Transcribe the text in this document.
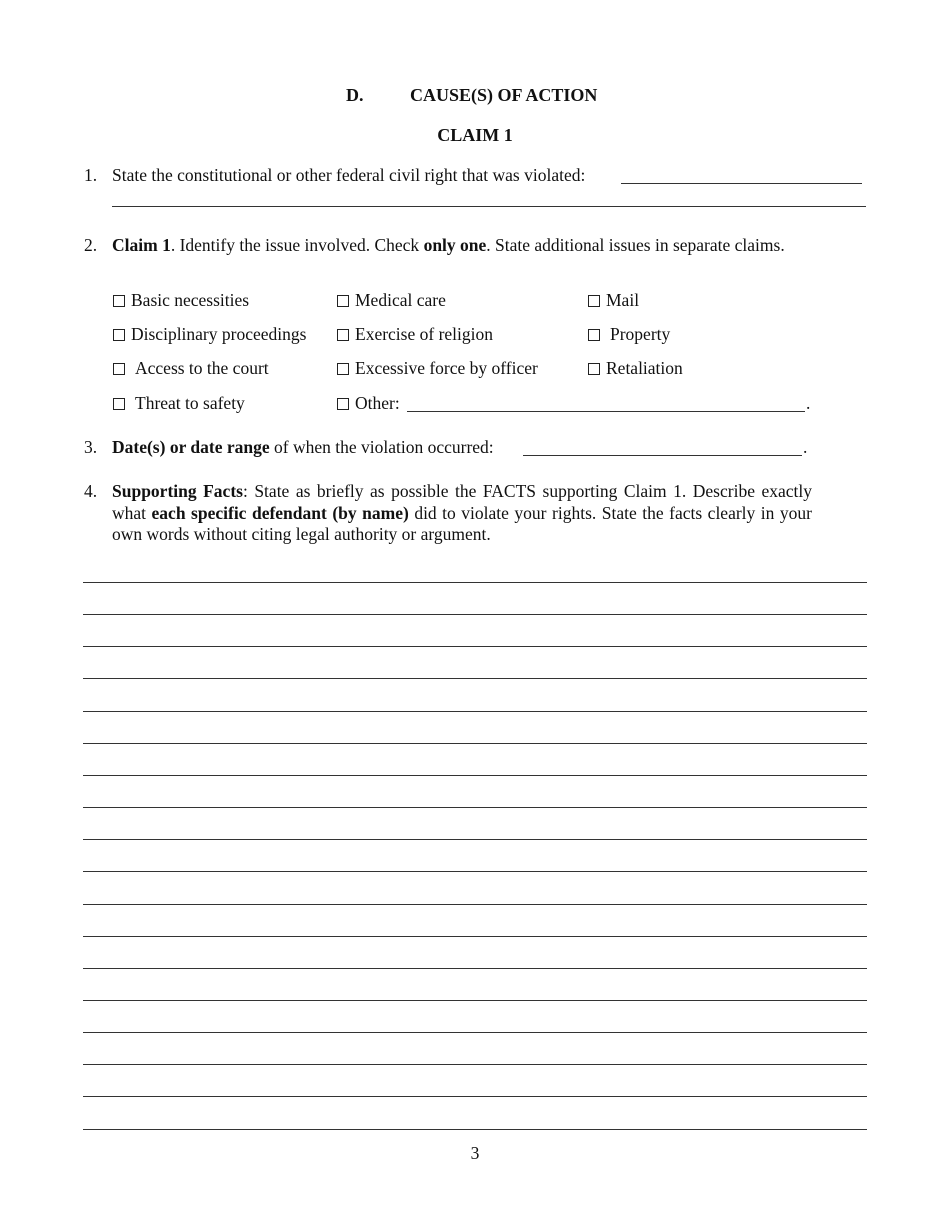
D.	CAUSE(S) OF ACTION
CLAIM 1
1. State the constitutional or other federal civil right that was violated:
2. Claim 1. Identify the issue involved. Check only one. State additional issues in separate claims.
Basic necessities	Medical care	Mail
Disciplinary proceedings	Exercise of religion	Property
Access to the court	Excessive force by officer	Retaliation
Threat to safety	Other:	.
3. Date(s) or date range of when the violation occurred:	.
4. Supporting Facts: State as briefly as possible the FACTS supporting Claim 1. Describe exactly what each specific defendant (by name) did to violate your rights. State the facts clearly in your own words without citing legal authority or argument.
3
